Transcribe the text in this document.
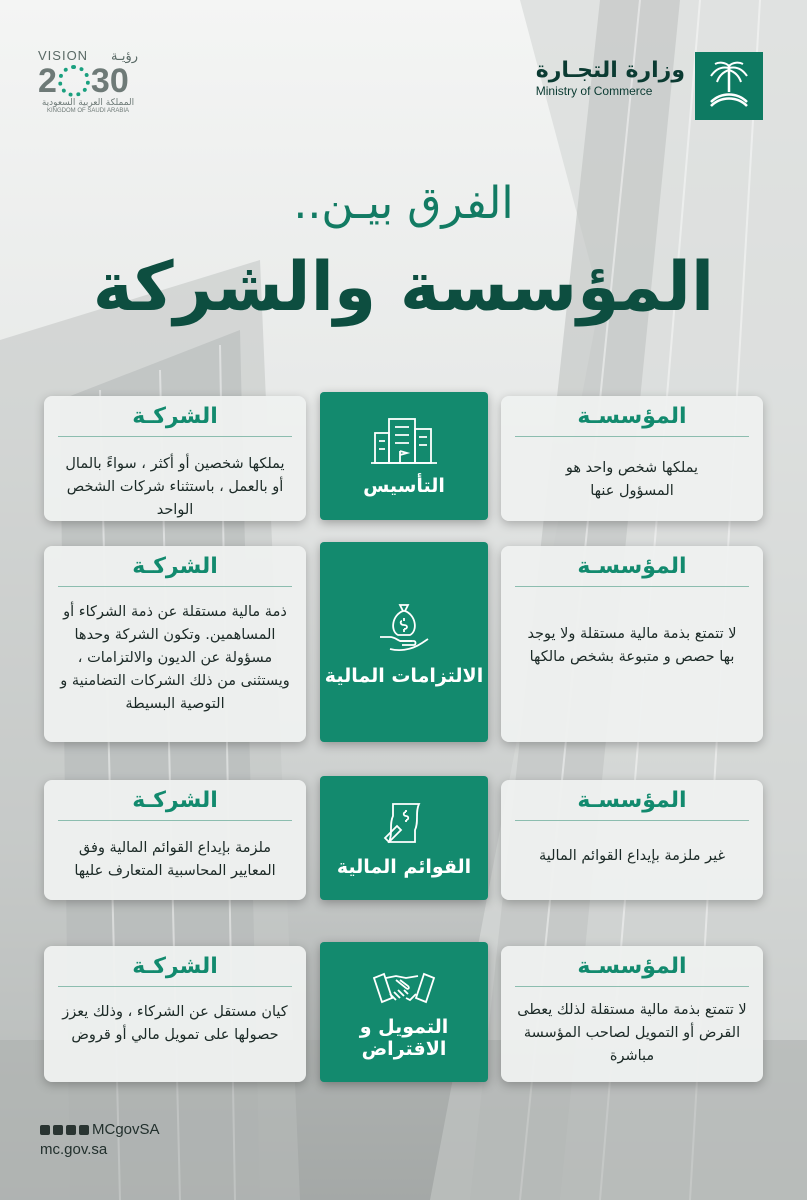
وزارة التجـارة
Ministry of Commerce
VISION رؤيـة
2 30
المملكة العربية السعودية
KINGDOM OF SAUDI ARABIA
الفرق بيـن..
المؤسسة والشركة
الشركـة
يملكها شخصين أو أكثر ، سواءً بالمال أو بالعمل ، باستثناء شركات الشخص الواحد
التأسيس
المؤسسـة
يملكها شخص واحد هو المسؤول عنها
الشركـة
ذمة مالية مستقلة عن ذمة الشركاء أو المساهمين. وتكون الشركة وحدها مسؤولة عن الديون والالتزامات ، ويستثنى من ذلك الشركات التضامنية و التوصية البسيطة
الالتزامات المالية
المؤسسـة
لا تتمتع بذمة مالية مستقلة ولا يوجد بها حصص و متبوعة بشخص مالكها
الشركـة
ملزمة بإيداع القوائم المالية وفق المعايير المحاسبية المتعارف عليها	القوائم المالية
المؤسسـة
غير ملزمة بإيداع القوائم المالية
الشركـة
كيان مستقل عن الشركاء ، وذلك يعزز حصولها على تمويل مالي أو قروض	التمويل و الاقتراض
المؤسسـة
لا تتمتع بذمة مالية مستقلة لذلك يعطى القرض أو التمويل لصاحب المؤسسة مباشرة
MCgovSA
mc.gov.sa
